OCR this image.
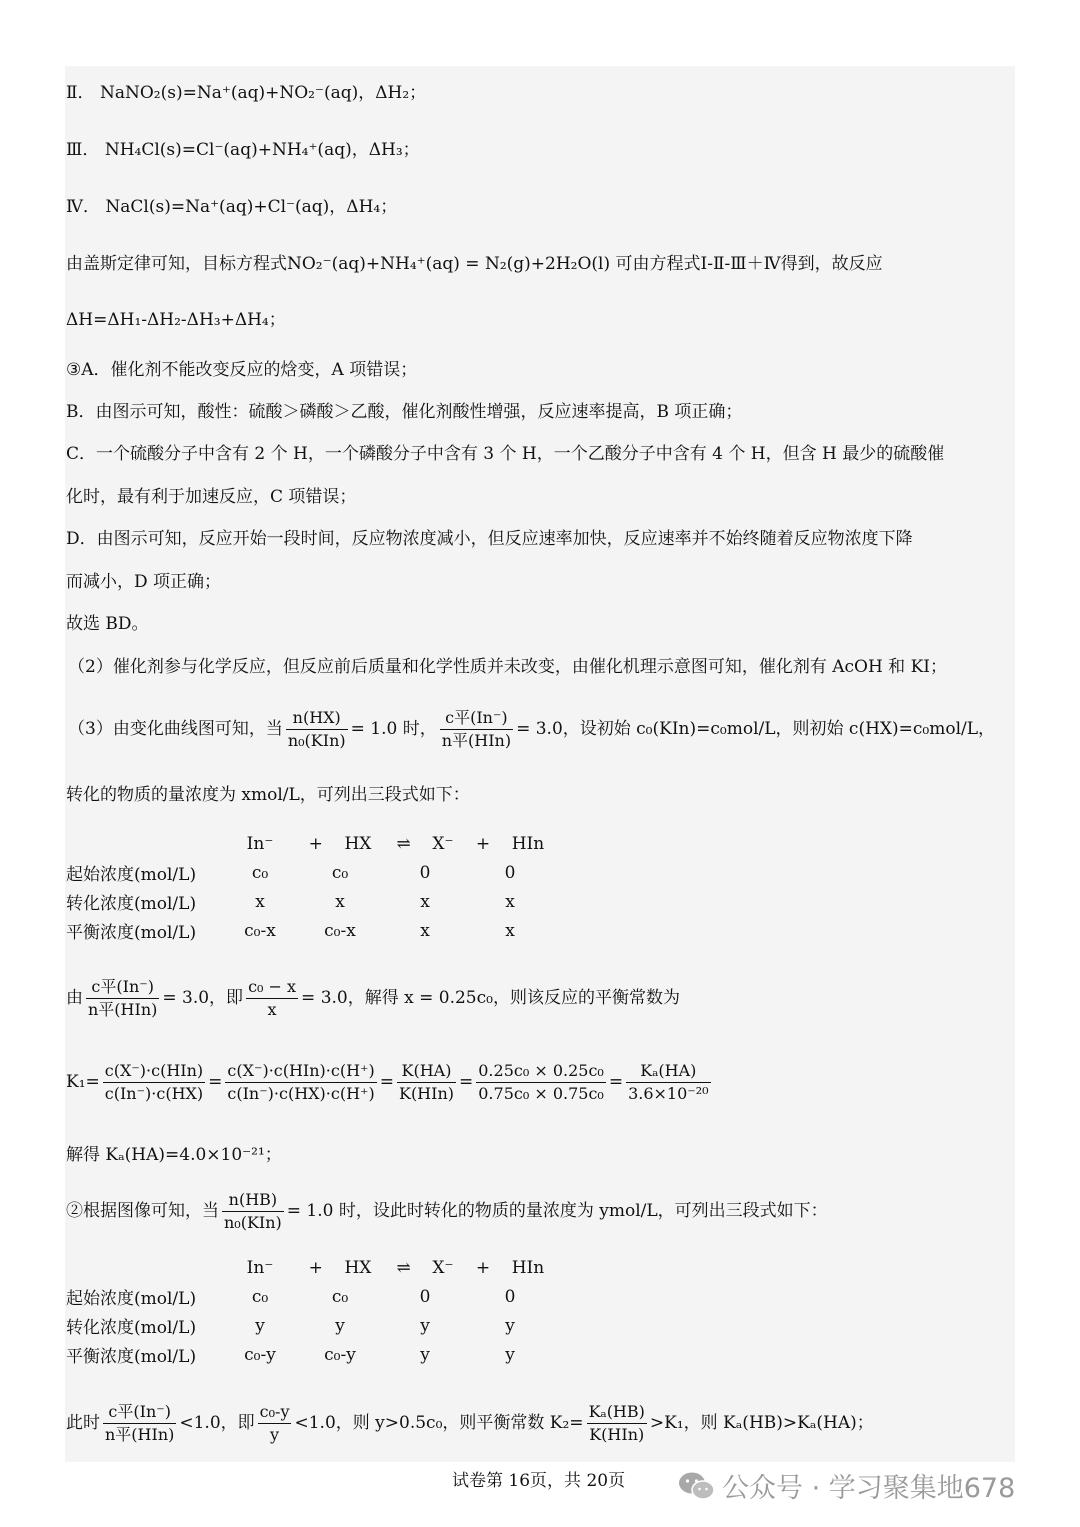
Ⅱ． NaNO₂(s)=Na⁺(aq)+NO₂⁻(aq)，ΔH₂；
Ⅲ． NH₄Cl(s)=Cl⁻(aq)+NH₄⁺(aq)，ΔH₃；
Ⅳ． NaCl(s)=Na⁺(aq)+Cl⁻(aq)，ΔH₄；
由盖斯定律可知，目标方程式NO₂⁻(aq)+NH₄⁺(aq) = N₂(g)+2H₂O(l) 可由方程式Ⅰ-Ⅱ-Ⅲ＋Ⅳ得到，故反应
ΔH=ΔH₁-ΔH₂-ΔH₃+ΔH₄；
③A．催化剂不能改变反应的焓变，A 项错误；
B．由图示可知，酸性：硫酸＞磷酸＞乙酸，催化剂酸性增强，反应速率提高，B 项正确；
C．一个硫酸分子中含有 2 个 H，一个磷酸分子中含有 3 个 H，一个乙酸分子中含有 4 个 H，但含 H 最少的硫酸催
化时，最有利于加速反应，C 项错误；
D．由图示可知，反应开始一段时间，反应物浓度减小，但反应速率加快，反应速率并不始终随着反应物浓度下降
而减小，D 项正确；
故选 BD。
（2）催化剂参与化学反应，但反应前后质量和化学性质并未改变，由催化机理示意图可知，催化剂有 AcOH 和 KI；
（3）由变化曲线图可知，当 $\frac{n(HX)}{\text{n₀(KIn)}} = 1.0$ 时， $\frac{\text{c平(In⁻)}}{\text{n平(HIn)}} = 3.0$，设初始 c₀(KIn)=c₀mol/L，则初始 c(HX)=c₀mol/L，
转化的物质的量浓度为 xmol/L，可列出三段式如下：
	In⁻		+ HX	⇌ X⁻	+ HIn
起始浓度(mol/L)	c₀		c₀	0	0
转化浓度(mol/L)	x		x	x	x
平衡浓度(mol/L)	c₀-x		c₀-x	x	x
由 $\frac{\text{c平(In⁻)}}{\text{n平(HIn)}} = 3.0$，即 $\frac{\text{c₀ − x}}{x} = 3.0$，解得 x = 0.25c₀，则该反应的平衡常数为
$K_1= \frac{\text{c(X⁻)·c(HIn)}}{c(In^-)\cdot c(HX)} = \frac{\text{c(X⁻)·c(HIn)·c(H⁺)}}{c(In^-)\cdot c(HX)\cdot c(H^+)} = \frac{K(HA)}{\text{K(HIn)}} = \frac{\text{0.25c₀ × 0.25c₀}}{\text{0.75c₀ × 0.75c₀}} = \frac{\text{Kₐ(HA)}}{\text{3.6×10⁻²⁰}}$
解得 Kₐ(HA)=4.0×10⁻²¹；
②根据图像可知，当 $\frac{n(HB)}{\text{n₀(KIn)}} = 1.0$ 时，设此时转化的物质的量浓度为 ymol/L，可列出三段式如下：
	In⁻		+ HX	⇌ X⁻	+ HIn
起始浓度(mol/L)	c₀		c₀	0	0
转化浓度(mol/L)	y		y	y	y
平衡浓度(mol/L)	c₀-y		c₀-y	y	y
此时 $\frac{\text{c平(In⁻)}}{\text{n平(HIn)}} <1.0$，即 $\frac{\text{c₀-y}}{y} <1.0$，则 y>0.5c₀，则平衡常数 $K_2= \frac{\text{Kₐ(HB)}}{\text{K(HIn)}} >K_1$，则 Kₐ(HB)>Kₐ(HA)；
试卷第 16页，共 20页	公众号 · 学习聚集地678
